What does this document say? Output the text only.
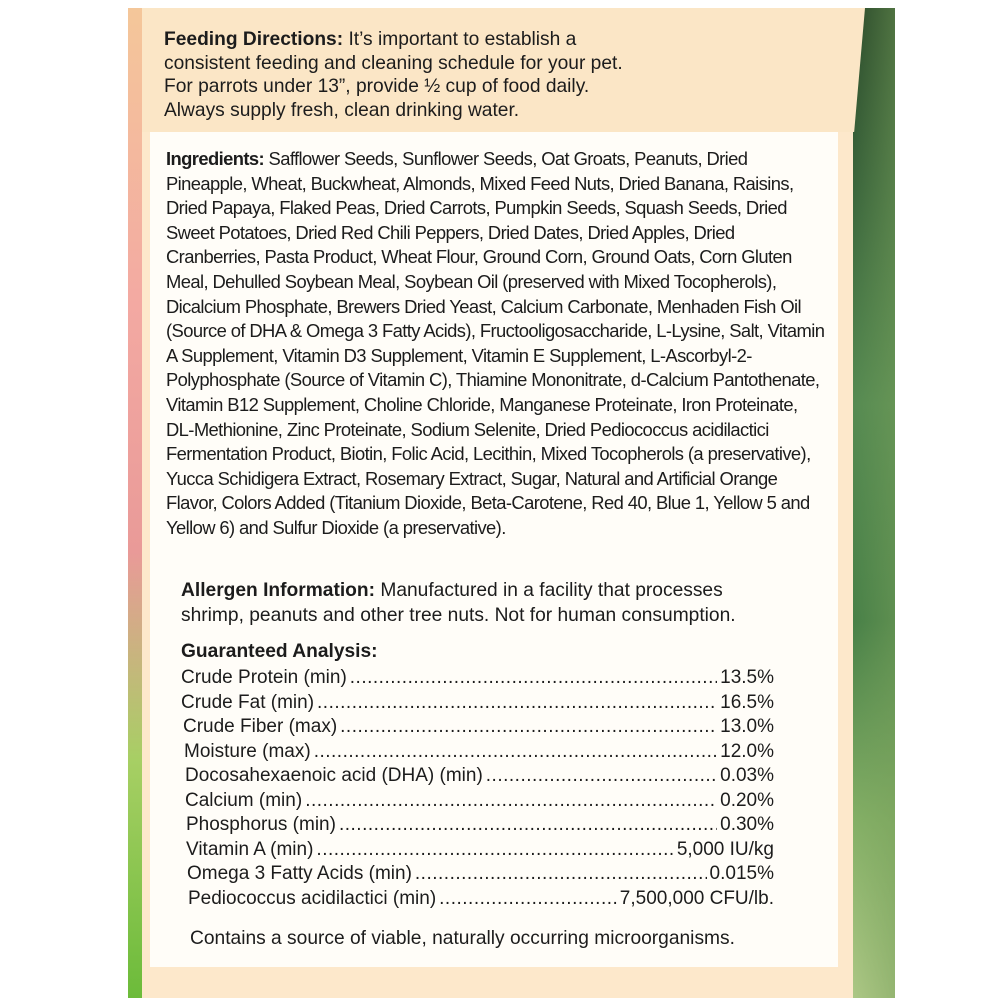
Feeding Directions: It’s important to establish a
consistent feeding and cleaning schedule for your pet.
For parrots under 13”, provide ½ cup of food daily.
Always supply fresh, clean drinking water.
Ingredients: Safflower Seeds, Sunflower Seeds, Oat Groats, Peanuts, Dried Pineapple, Wheat, Buckwheat, Almonds, Mixed Feed Nuts, Dried Banana, Raisins, Dried Papaya, Flaked Peas, Dried Carrots, Pumpkin Seeds, Squash Seeds, Dried Sweet Potatoes, Dried Red Chili Peppers, Dried Dates, Dried Apples, Dried Cranberries, Pasta Product, Wheat Flour, Ground Corn, Ground Oats, Corn Gluten Meal, Dehulled Soybean Meal, Soybean Oil (preserved with Mixed Tocopherols), Dicalcium Phosphate, Brewers Dried Yeast, Calcium Carbonate, Menhaden Fish Oil (Source of DHA & Omega 3 Fatty Acids), Fructooligosaccharide, L-Lysine, Salt, Vitamin A Supplement, Vitamin D3 Supplement, Vitamin E Supplement, L-Ascorbyl-2-Polyphosphate (Source of Vitamin C), Thiamine Mononitrate, d-Calcium Pantothenate, Vitamin B12 Supplement, Choline Chloride, Manganese Proteinate, Iron Proteinate, DL-Methionine, Zinc Proteinate, Sodium Selenite, Dried Pediococcus acidilactici Fermentation Product, Biotin, Folic Acid, Lecithin, Mixed Tocopherols (a preservative), Yucca Schidigera Extract, Rosemary Extract, Sugar, Natural and Artificial Orange Flavor, Colors Added (Titanium Dioxide, Beta-Carotene, Red 40, Blue 1, Yellow 5 and Yellow 6) and Sulfur Dioxide (a preservative).
Allergen Information: Manufactured in a facility that processes
shrimp, peanuts and other tree nuts. Not for human consumption.
Guaranteed Analysis:
Crude Protein (min) .....	13.5%
Crude Fat (min) .....	16.5%
Crude Fiber (max) .....	13.0%
Moisture (max) .....	12.0%
Docosahexaenoic acid (DHA) (min) .....	0.03%
Calcium (min) .....	0.20%
Phosphorus (min) .....	0.30%
Vitamin A (min) .....	5,000 IU/kg
Omega 3 Fatty Acids (min) .....	0.015%
Pediococcus acidilactici (min) .....	7,500,000 CFU/lb.
Contains a source of viable, naturally occurring microorganisms.
